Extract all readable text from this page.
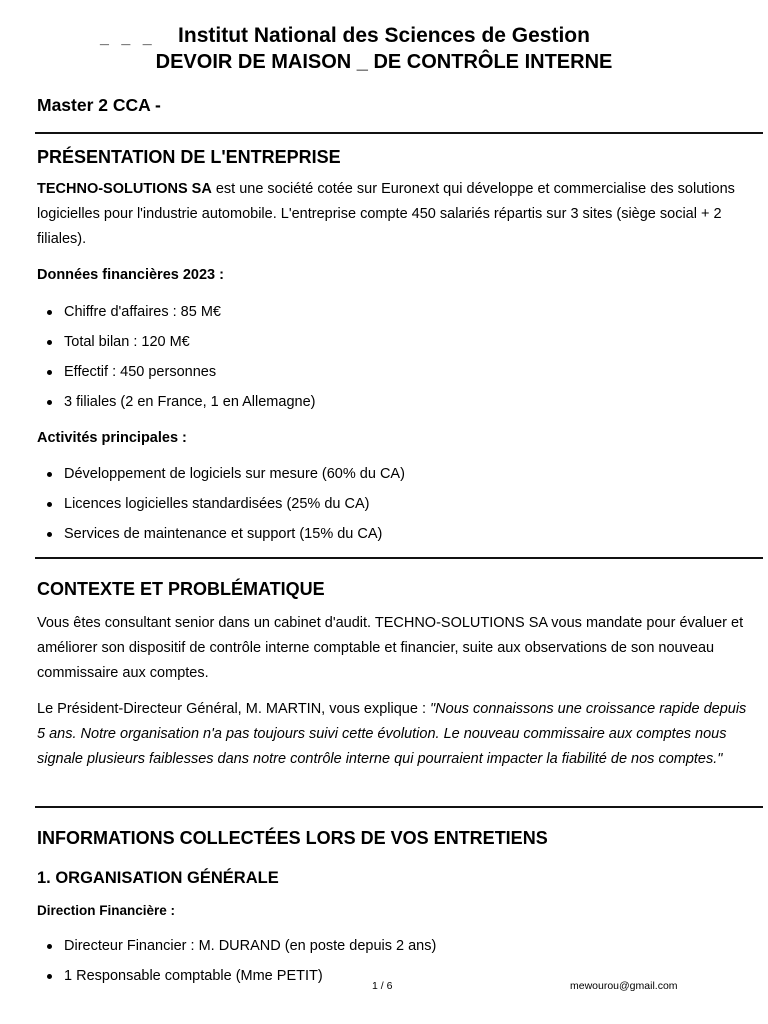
_ _ _	Institut National des Sciences de Gestion
DEVOIR DE MAISON _ DE CONTRÔLE INTERNE
Master 2 CCA -
PRÉSENTATION DE L'ENTREPRISE
TECHNO-SOLUTIONS SA est une société cotée sur Euronext qui développe et commercialise des solutions logicielles pour l'industrie automobile. L'entreprise compte 450 salariés répartis sur 3 sites (siège social + 2 filiales).
Données financières 2023 :
Chiffre d'affaires : 85 M€
Total bilan : 120 M€
Effectif : 450 personnes
3 filiales (2 en France, 1 en Allemagne)
Activités principales :
Développement de logiciels sur mesure (60% du CA)
Licences logicielles standardisées (25% du CA)
Services de maintenance et support (15% du CA)
CONTEXTE ET PROBLÉMATIQUE
Vous êtes consultant senior dans un cabinet d'audit. TECHNO-SOLUTIONS SA vous mandate pour évaluer et améliorer son dispositif de contrôle interne comptable et financier, suite aux observations de son nouveau commissaire aux comptes.
Le Président-Directeur Général, M. MARTIN, vous explique : "Nous connaissons une croissance rapide depuis 5 ans. Notre organisation n'a pas toujours suivi cette évolution. Le nouveau commissaire aux comptes nous signale plusieurs faiblesses dans notre contrôle interne qui pourraient impacter la fiabilité de nos comptes."
INFORMATIONS COLLECTÉES LORS DE VOS ENTRETIENS
1. ORGANISATION GÉNÉRALE
Direction Financière :
Directeur Financier : M. DURAND (en poste depuis 2 ans)
1 Responsable comptable (Mme PETIT)
1 / 6	mewourou@gmail.com
